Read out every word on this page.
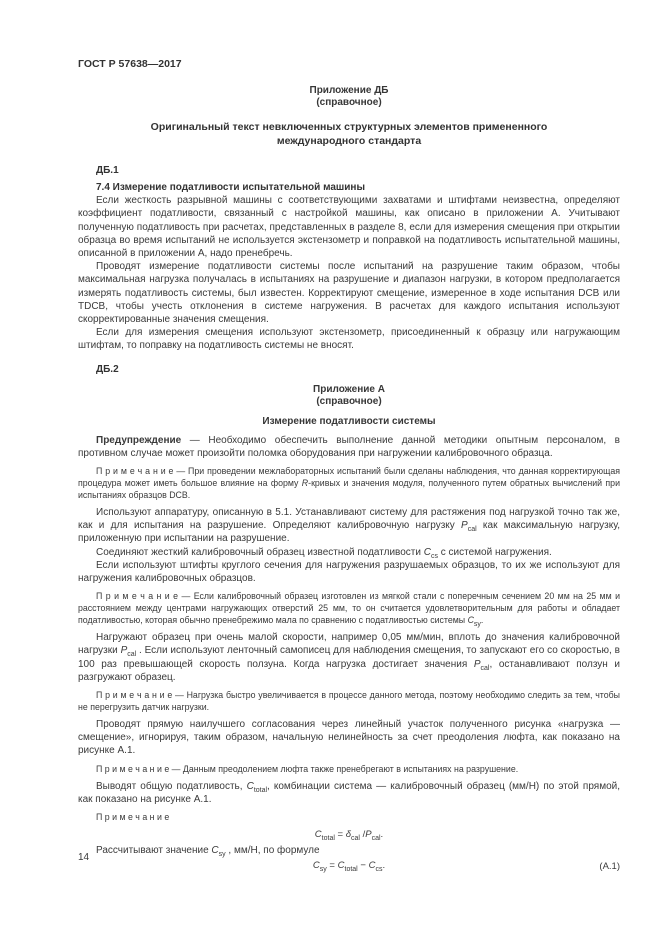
ГОСТ Р 57638—2017

Приложение ДБ

(справочное)

Оригинальный текст невключенных структурных элементов примененного международного стандарта

ДБ.1

7.4 Измерение податливости испытательной машины

Если жесткость разрывной машины с соответствующими захватами и штифтами неизвестна, определяют коэффициент податливости, связанный с настройкой машины, как описано в приложении А. Учитывают полученную податливость при расчетах, представленных в разделе 8, если для измерения смещения при открытии образца во время испытаний не используется экстензометр и поправкой на податливость испытательной машины, описанной в приложении А, надо пренебречь.

Проводят измерение податливости системы после испытаний на разрушение таким образом, чтобы максимальная нагрузка получалась в испытаниях на разрушение и диапазон нагрузки, в котором предполагается измерять податливость системы, был известен. Корректируют смещение, измеренное в ходе испытания DCB или TDCB, чтобы учесть отклонения в системе нагружения. В расчетах для каждого испытания используют скорректированные значения смещения.

Если для измерения смещения используют экстензометр, присоединенный к образцу или нагружающим штифтам, то поправку на податливость системы не вносят.

ДБ.2

Приложение А

(справочное)

Измерение податливости системы

Предупреждение — Необходимо обеспечить выполнение данной методики опытным персоналом, в противном случае может произойти поломка оборудования при нагружении калибровочного образца.

П р и м е ч а н и е — При проведении межлабораторных испытаний были сделаны наблюдения, что данная корректирующая процедура может иметь большое влияние на форму R-кривых и значения модуля, полученного путем обратных вычислений при испытаниях образцов DCB.

Используют аппаратуру, описанную в 5.1. Устанавливают систему для растяжения под нагрузкой точно так же, как и для испытания на разрушение. Определяют калибровочную нагрузку $P_{cal}$ как максимальную нагрузку, приложенную при испытании на разрушение.

Соединяют жесткий калибровочный образец известной податливости $C_{cs}$ с системой нагружения.

Если используют штифты круглого сечения для нагружения разрушаемых образцов, то их же используют для нагружения калибровочных образцов.

П р и м е ч а н и е — Если калибровочный образец изготовлен из мягкой стали с поперечным сечением 20 мм на 25 мм и расстоянием между центрами нагружающих отверстий 25 мм, то он считается удовлетворительным для работы и обладает податливостью, которая обычно пренебрежимо мала по сравнению с податливостью системы $C_{sy}$.

Нагружают образец при очень малой скорости, например 0,05 мм/мин, вплоть до значения калибровочной нагрузки $P_{cal}$ . Если используют ленточный самописец для наблюдения смещения, то запускают его со скоростью, в 100 раз превышающей скорость ползуна. Когда нагрузка достигает значения $P_{cal}$, останавливают ползун и разгружают образец.

П р и м е ч а н и е — Нагрузка быстро увеличивается в процессе данного метода, поэтому необходимо следить за тем, чтобы не перегрузить датчик нагрузки.

Проводят прямую наилучшего согласования через линейный участок полученного рисунка «нагрузка — смещение», игнорируя, таким образом, начальную нелинейность за счет преодоления люфта, как показано на рисунке А.1.

П р и м е ч а н и е — Данным преодолением люфта также пренебрегают в испытаниях на разрушение.

Выводят общую податливость, $C_{total}$, комбинации система — калибровочный образец (мм/Н) по этой прямой, как показано на рисунке А.1.

П р и м е ч а н и е

$C_{total} = \delta_{cal}$ $/P_{cal}$.

Рассчитывают значение $C_{sy}$ , мм/Н, по формуле

$C_{sy} = C_{total} - C_{cs}$.	(А.1)
14
